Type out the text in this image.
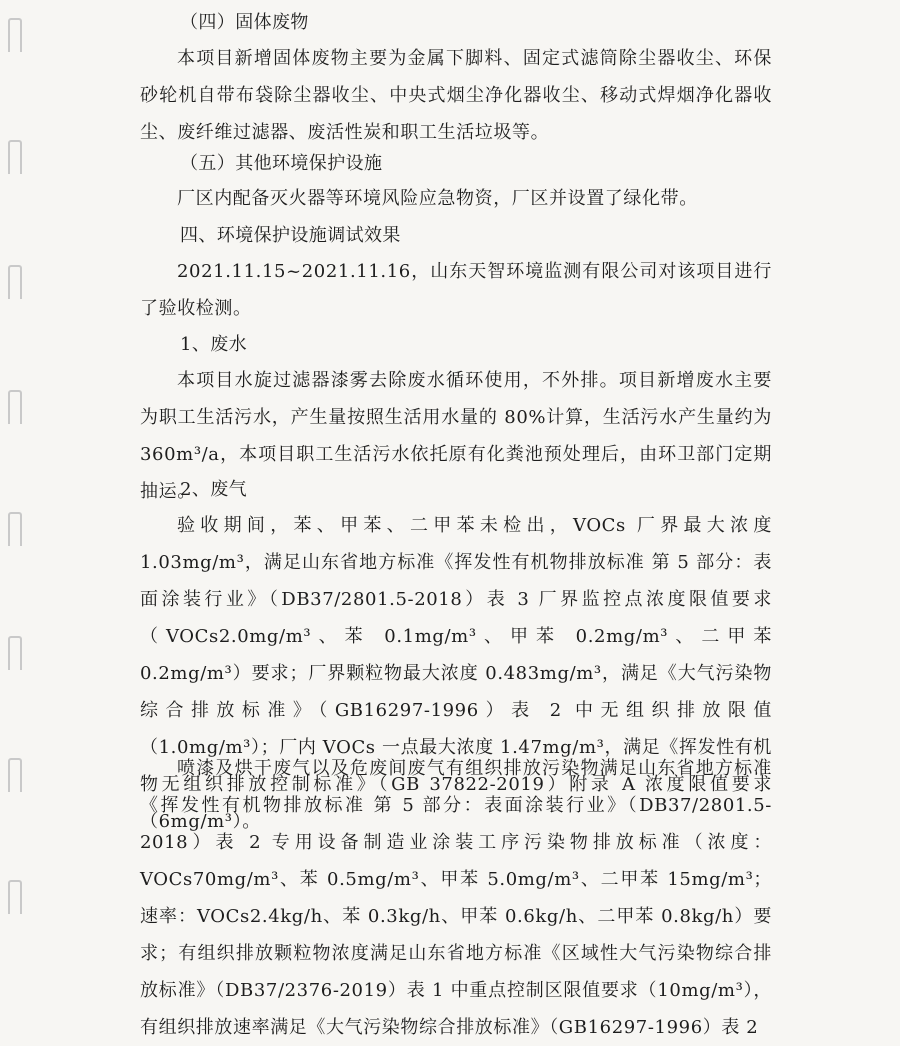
（四）固体废物
本项目新增固体废物主要为金属下脚料、固定式滤筒除尘器收尘、环保砂轮机自带布袋除尘器收尘、中央式烟尘净化器收尘、移动式焊烟净化器收尘、废纤维过滤器、废活性炭和职工生活垃圾等。
（五）其他环境保护设施
厂区内配备灭火器等环境风险应急物资，厂区并设置了绿化带。
四、环境保护设施调试效果
2021.11.15~2021.11.16，山东天智环境监测有限公司对该项目进行了验收检测。
1、废水
本项目水旋过滤器漆雾去除废水循环使用，不外排。项目新增废水主要为职工生活污水，产生量按照生活用水量的 80%计算，生活污水产生量约为 360m³/a，本项目职工生活污水依托原有化粪池预处理后，由环卫部门定期抽运。
2、废气
验收期间，苯、甲苯、二甲苯未检出，VOCs 厂界最大浓度 1.03mg/m³，满足山东省地方标准《挥发性有机物排放标准 第 5 部分：表面涂装行业》（DB37/2801.5-2018）表 3 厂界监控点浓度限值要求（VOCs2.0mg/m³、苯 0.1mg/m³、甲苯 0.2mg/m³、二甲苯 0.2mg/m³）要求；厂界颗粒物最大浓度 0.483mg/m³，满足《大气污染物综合排放标准》（GB16297-1996）表 2 中无组织排放限值（1.0mg/m³）；厂内 VOCs 一点最大浓度 1.47mg/m³，满足《挥发性有机物无组织排放控制标准》（GB 37822-2019）附录 A 浓度限值要求（6mg/m³）。
喷漆及烘干废气以及危废间废气有组织排放污染物满足山东省地方标准《挥发性有机物排放标准 第 5 部分：表面涂装行业》（DB37/2801.5-2018）表 2 专用设备制造业涂装工序污染物排放标准（浓度：VOCs70mg/m³、苯 0.5mg/m³、甲苯 5.0mg/m³、二甲苯 15mg/m³；速率：VOCs2.4kg/h、苯 0.3kg/h、甲苯 0.6kg/h、二甲苯 0.8kg/h）要求；有组织排放颗粒物浓度满足山东省地方标准《区域性大气污染物综合排放标准》（DB37/2376-2019）表 1 中重点控制区限值要求（10mg/m³），有组织排放速率满足《大气污染物综合排放标准》（GB16297-1996）表 2
